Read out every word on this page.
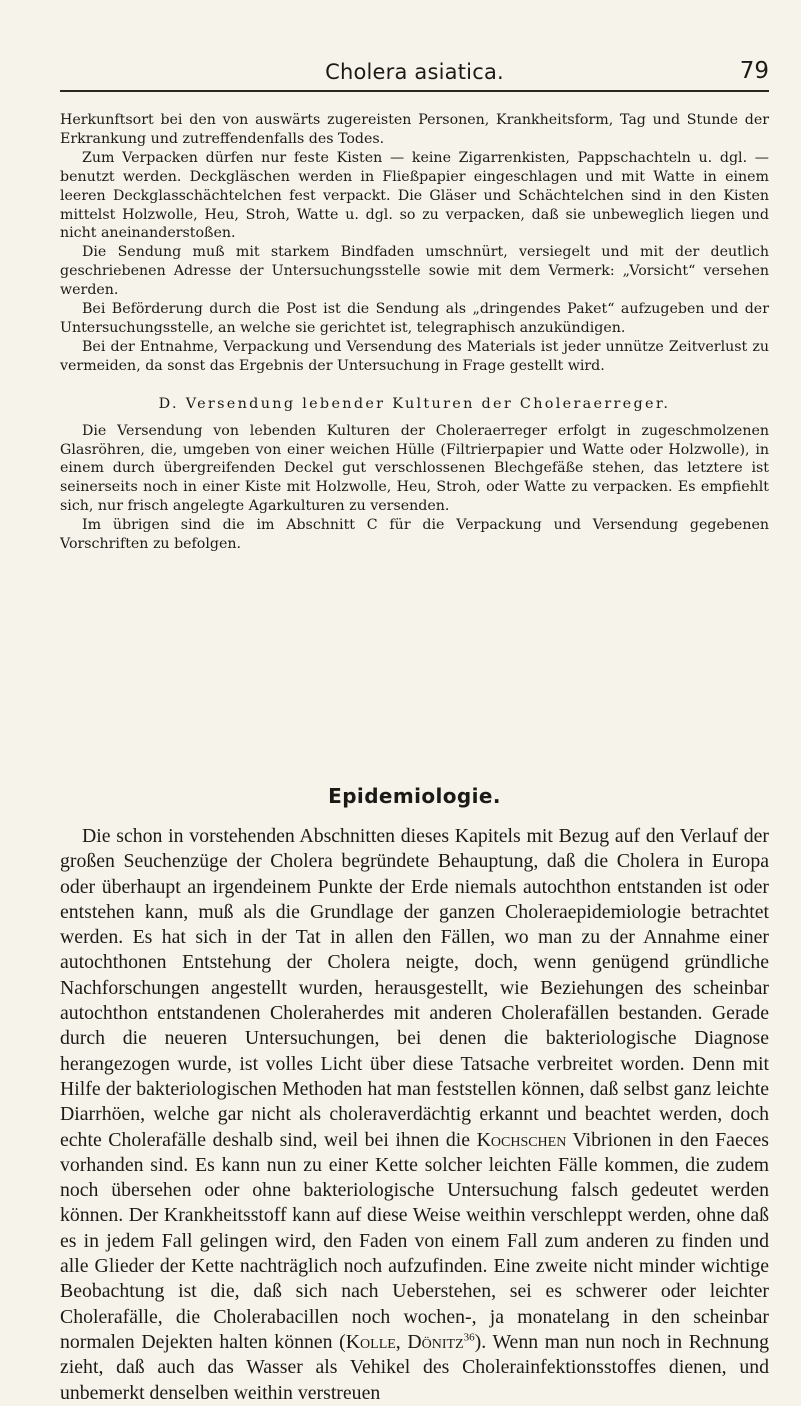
Cholera asiatica.	79

Herkunftsort bei den von auswärts zugereisten Personen, Krankheitsform, Tag und Stunde der Erkrankung und zutreffendenfalls des Todes.

Zum Verpacken dürfen nur feste Kisten — keine Zigarrenkisten, Pappschachteln u. dgl. — benutzt werden. Deckgläschen werden in Fließpapier eingeschlagen und mit Watte in einem leeren Deckglasschächtelchen fest verpackt. Die Gläser und Schächtelchen sind in den Kisten mittelst Holzwolle, Heu, Stroh, Watte u. dgl. so zu verpacken, daß sie unbeweglich liegen und nicht aneinanderstoßen.

Die Sendung muß mit starkem Bindfaden umschnürt, versiegelt und mit der deutlich geschriebenen Adresse der Untersuchungsstelle sowie mit dem Vermerk: „Vorsicht“ versehen werden.

Bei Beförderung durch die Post ist die Sendung als „dringendes Paket“ aufzugeben und der Untersuchungsstelle, an welche sie gerichtet ist, telegraphisch anzukündigen.

Bei der Entnahme, Verpackung und Versendung des Materials ist jeder unnütze Zeitverlust zu vermeiden, da sonst das Ergebnis der Untersuchung in Frage gestellt wird.

D. Versendung lebender Kulturen der Choleraerreger.

Die Versendung von lebenden Kulturen der Choleraerreger erfolgt in zugeschmolzenen Glasröhren, die, umgeben von einer weichen Hülle (Filtrierpapier und Watte oder Holzwolle), in einem durch übergreifenden Deckel gut verschlossenen Blechgefäße stehen, das letztere ist seinerseits noch in einer Kiste mit Holzwolle, Heu, Stroh, oder Watte zu verpacken. Es empfiehlt sich, nur frisch angelegte Agarkulturen zu versenden.

Im übrigen sind die im Abschnitt C für die Verpackung und Versendung gegebenen Vorschriften zu befolgen.

Epidemiologie.

Die schon in vorstehenden Abschnitten dieses Kapitels mit Bezug auf den Verlauf der großen Seuchenzüge der Cholera begründete Behauptung, daß die Cholera in Europa oder überhaupt an irgendeinem Punkte der Erde niemals autochthon entstanden ist oder entstehen kann, muß als die Grundlage der ganzen Choleraepidemiologie betrachtet werden. Es hat sich in der Tat in allen den Fällen, wo man zu der Annahme einer autochthonen Entstehung der Cholera neigte, doch, wenn genügend gründliche Nachforschungen angestellt wurden, herausgestellt, wie Beziehungen des scheinbar autochthon entstandenen Choleraherdes mit anderen Cholerafällen bestanden. Gerade durch die neueren Untersuchungen, bei denen die bakteriologische Diagnose herangezogen wurde, ist volles Licht über diese Tatsache verbreitet worden. Denn mit Hilfe der bakteriologischen Methoden hat man feststellen können, daß selbst ganz leichte Diarrhöen, welche gar nicht als choleraverdächtig erkannt und beachtet werden, doch echte Cholerafälle deshalb sind, weil bei ihnen die Kochschen Vibrionen in den Faeces vorhanden sind. Es kann nun zu einer Kette solcher leichten Fälle kommen, die zudem noch übersehen oder ohne bakteriologische Untersuchung falsch gedeutet werden können. Der Krankheitsstoff kann auf diese Weise weithin verschleppt werden, ohne daß es in jedem Fall gelingen wird, den Faden von einem Fall zum anderen zu finden und alle Glieder der Kette nachträglich noch aufzufinden. Eine zweite nicht minder wichtige Beobachtung ist die, daß sich nach Ueberstehen, sei es schwerer oder leichter Cholerafälle, die Cholerabacillen noch wochen-, ja monatelang in den scheinbar normalen Dejekten halten können (Kolle, Dönitz$^{36}$). Wenn man nun noch in Rechnung zieht, daß auch das Wasser als Vehikel des Cholerainfektionsstoffes dienen, und unbemerkt denselben weithin verstreuen
